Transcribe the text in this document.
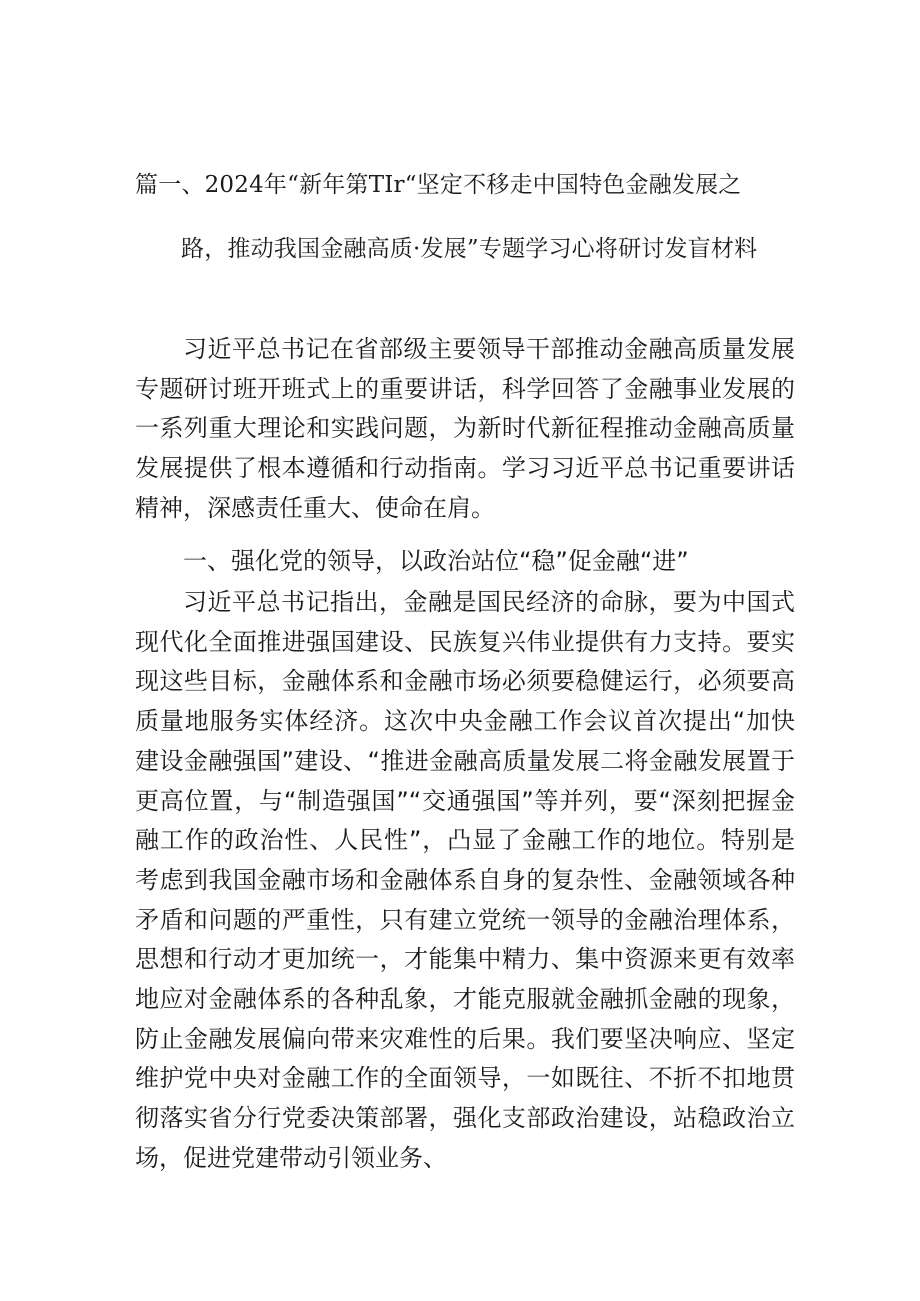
篇一、2024年“新年第TIr“坚定不移走中国特色金融发展之
路，推动我国金融高质·发展”专题学习心将研讨发盲材料
习近平总书记在省部级主要领导干部推动金融高质量发展专题研讨班开班式上的重要讲话，科学回答了金融事业发展的一系列重大理论和实践问题，为新时代新征程推动金融高质量发展提供了根本遵循和行动指南。学习习近平总书记重要讲话精神，深感责任重大、使命在肩。
一、强化党的领导，以政治站位“稳”促金融“进”
习近平总书记指出，金融是国民经济的命脉，要为中国式现代化全面推进强国建设、民族复兴伟业提供有力支持。要实现这些目标，金融体系和金融市场必须要稳健运行，必须要高质量地服务实体经济。这次中央金融工作会议首次提出“加快建设金融强国”建设、“推进金融高质量发展二将金融发展置于更高位置，与“制造强国”“交通强国”等并列，要“深刻把握金融工作的政治性、人民性”，凸显了金融工作的地位。特别是考虑到我国金融市场和金融体系自身的复杂性、金融领域各种矛盾和问题的严重性，只有建立党统一领导的金融治理体系，思想和行动才更加统一，才能集中精力、集中资源来更有效率地应对金融体系的各种乱象，才能克服就金融抓金融的现象，防止金融发展偏向带来灾难性的后果。我们要坚决响应、坚定维护党中央对金融工作的全面领导，一如既往、不折不扣地贯彻落实省分行党委决策部署，强化支部政治建设，站稳政治立场，促进党建带动引领业务、
